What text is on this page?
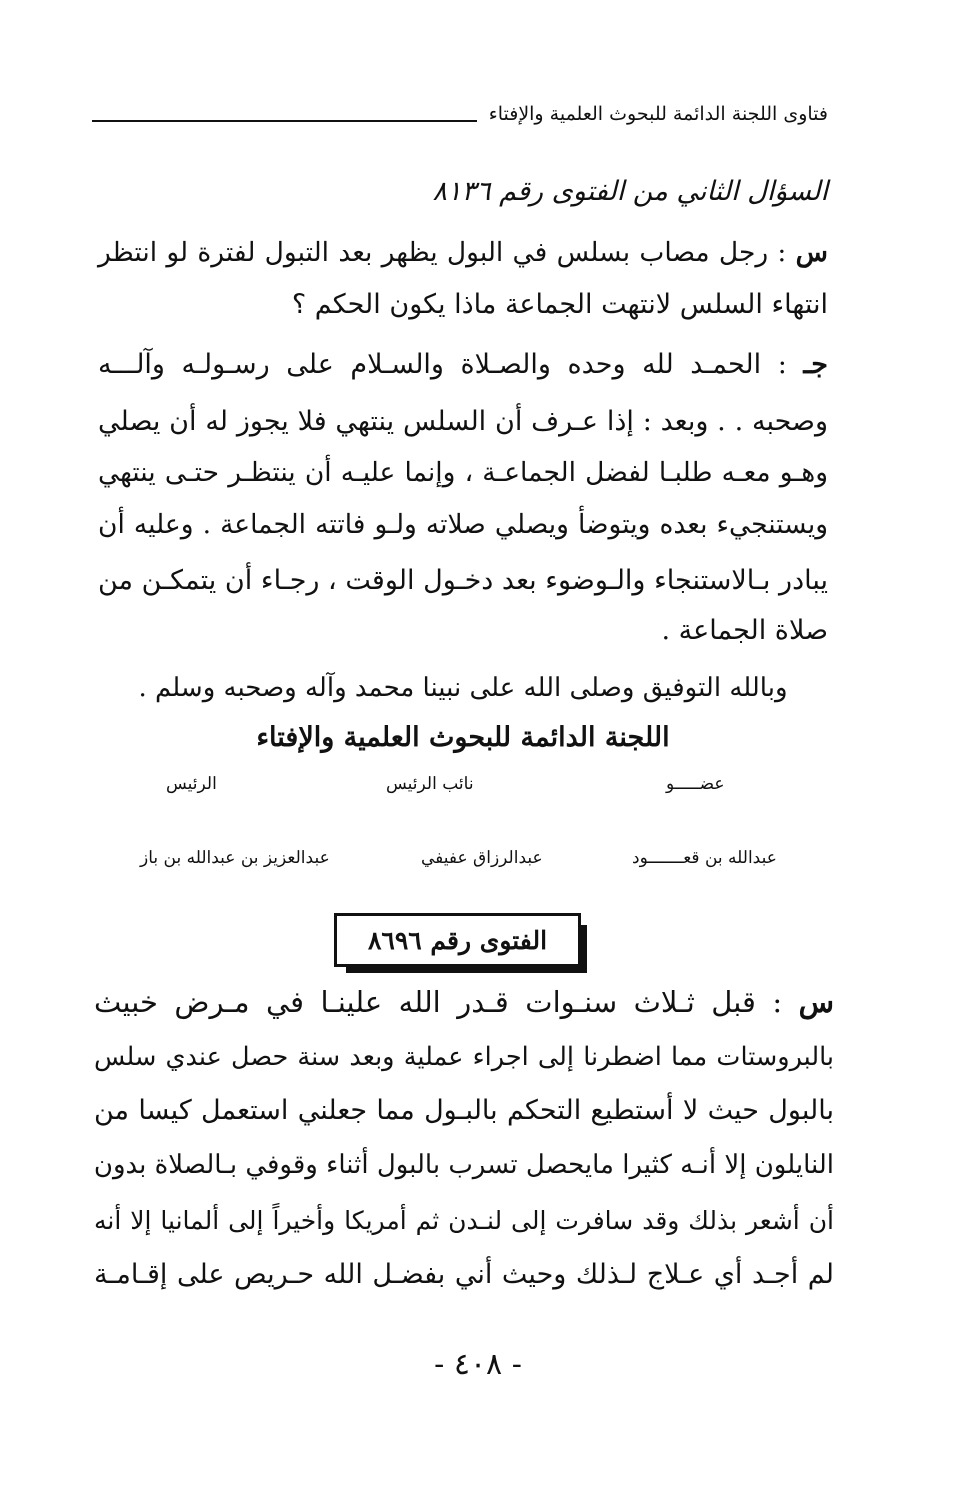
فتاوى اللجنة الدائمة للبحوث العلمية والإفتاء
السؤال الثاني من الفتوى رقم ٨١٣٦
س : رجل مصاب بسلس في البول يظهر بعد التبول لفترة لو انتظر
انتهاء السلس لانتهت الجماعة ماذا يكون الحكم ؟
جـ : الحمـد لله وحده والصـلاة والسـلام على رسـولـه وآلـــه
وصحبه . . وبعد : إذا عـرف أن السلس ينتهي فلا يجوز له أن يصلي
وهـو معـه طلبـا لفضل الجماعـة ، وإنما عليـه أن ينتظـر حتـى ينتهي
ويستنجيء بعده ويتوضأ ويصلي صلاته ولـو فاتته الجماعة . وعليه أن
يبادر بـالاستنجاء والـوضوء بعد دخـول الوقت ، رجـاء أن يتمكـن من
صلاة الجماعة .
وبالله التوفيق وصلى الله على نبينا محمد وآله وصحبه وسلم .
اللجنة الدائمة للبحوث العلمية والإفتاء
الرئيس	نائب الرئيس	عضـــــو
عبدالعزيز بن عبدالله بن باز	عبدالرزاق عفيفي	عبدالله بن قعـــــــود
الفتوى رقم ٨٦٩٦
س : قبل ثـلاث سنـوات قـدر الله علينـا في مـرض خبيث
بالبروستات مما اضطرنا إلى اجراء عملية وبعد سنة حصل عندي سلس
بالبول حيث لا أستطيع التحكم بالبـول مما جعلني استعمل كيسا من
النايلون إلا أنـه كثيرا مايحصل تسرب بالبول أثناء وقوفي بـالصلاة بدون
أن أشعر بذلك وقد سافرت إلى لنـدن ثم أمريكا وأخيراً إلى ألمانيا إلا أنه
لم أجـد أي عـلاج لـذلك وحيث أني بفضـل الله حـريص على إقـامـة
- ٤٠٨ -
